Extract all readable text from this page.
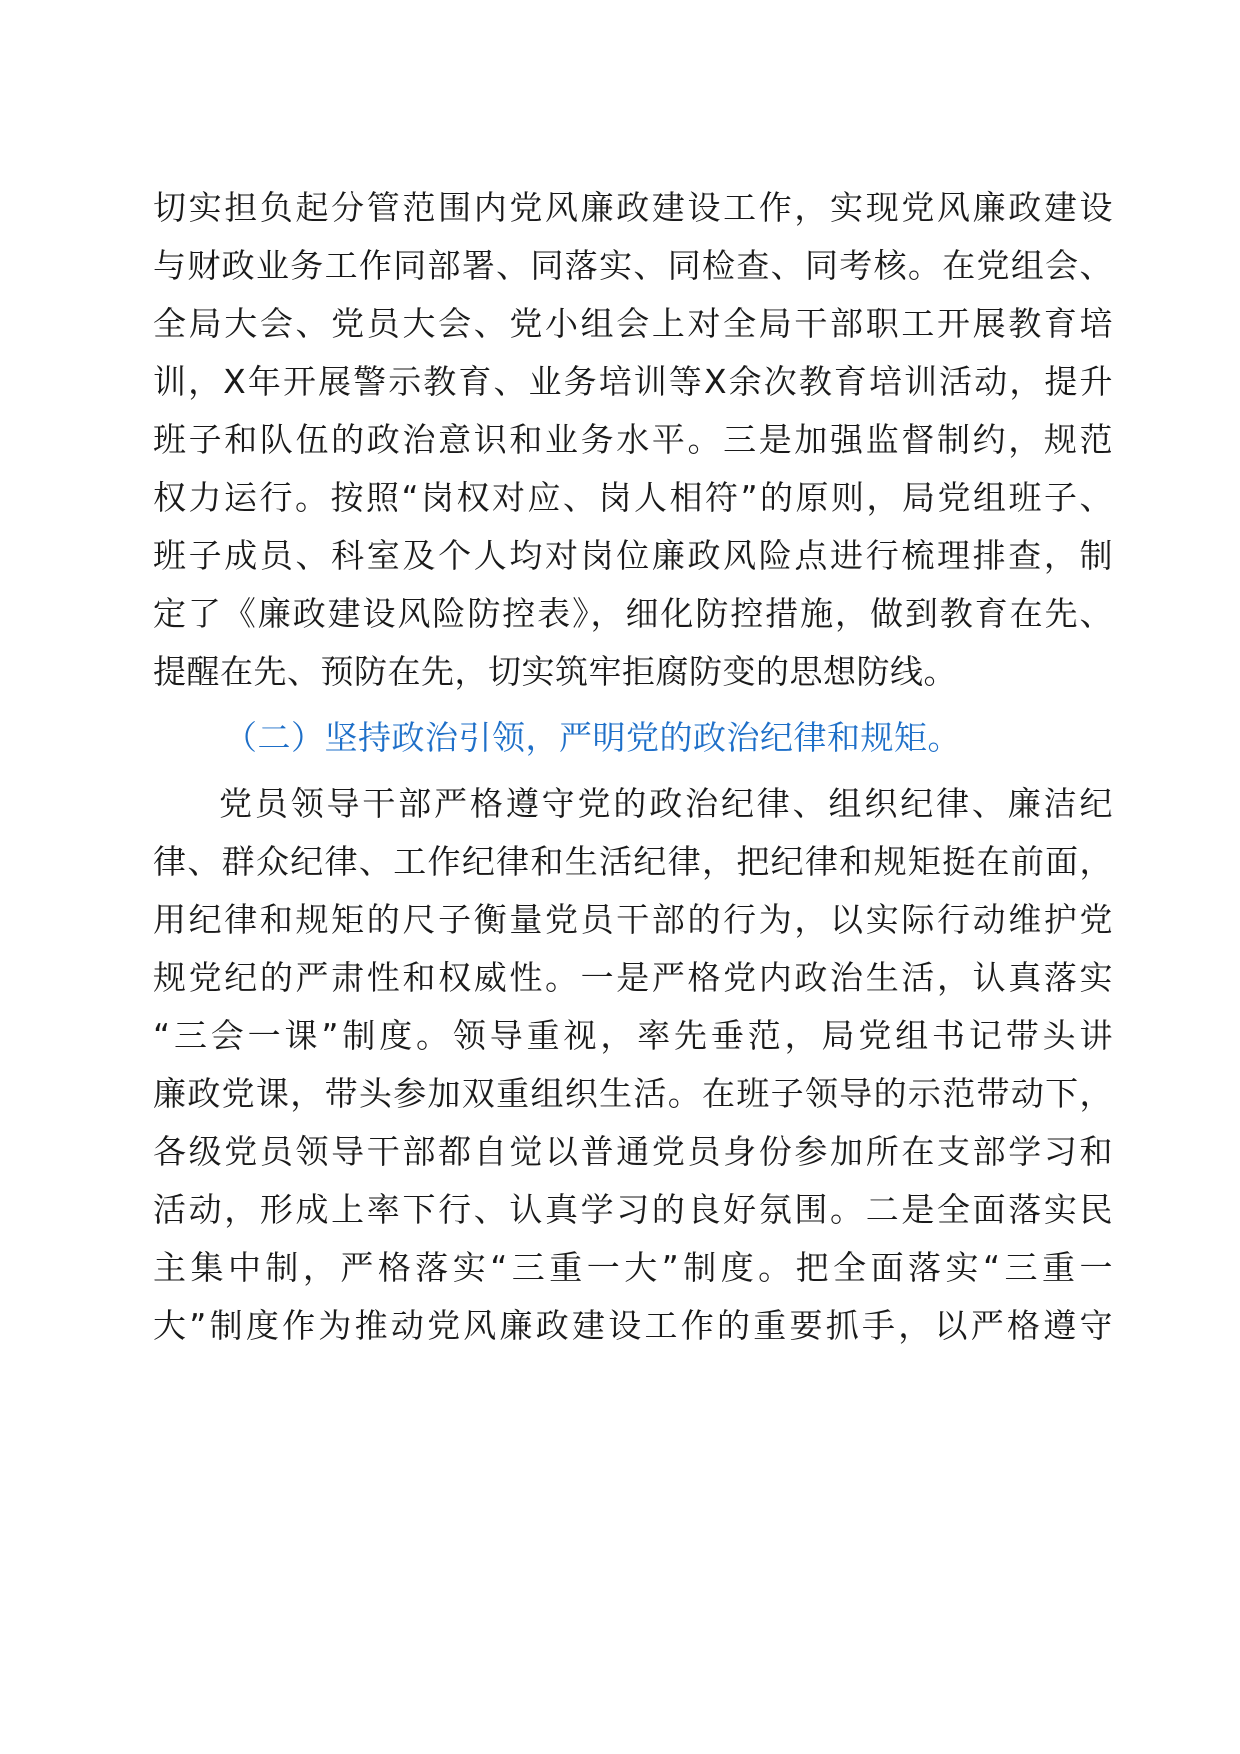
切实担负起分管范围内党风廉政建设工作，实现党风廉政建设
与财政业务工作同部署、同落实、同检查、同考核。在党组会、
全局大会、党员大会、党小组会上对全局干部职工开展教育培
训，X年开展警示教育、业务培训等X余次教育培训活动，提升
班子和队伍的政治意识和业务水平。三是加强监督制约，规范
权力运行。按照“岗权对应、岗人相符”的原则，局党组班子、
班子成员、科室及个人均对岗位廉政风险点进行梳理排查，制
定了《廉政建设风险防控表》，细化防控措施，做到教育在先、
提醒在先、预防在先，切实筑牢拒腐防变的思想防线。
（二）坚持政治引领，严明党的政治纪律和规矩。
党员领导干部严格遵守党的政治纪律、组织纪律、廉洁纪
律、群众纪律、工作纪律和生活纪律，把纪律和规矩挺在前面，
用纪律和规矩的尺子衡量党员干部的行为，以实际行动维护党
规党纪的严肃性和权威性。一是严格党内政治生活，认真落实
“三会一课”制度。领导重视，率先垂范，局党组书记带头讲
廉政党课，带头参加双重组织生活。在班子领导的示范带动下，
各级党员领导干部都自觉以普通党员身份参加所在支部学习和
活动，形成上率下行、认真学习的良好氛围。二是全面落实民
主集中制，严格落实“三重一大”制度。把全面落实“三重一
大”制度作为推动党风廉政建设工作的重要抓手，以严格遵守
